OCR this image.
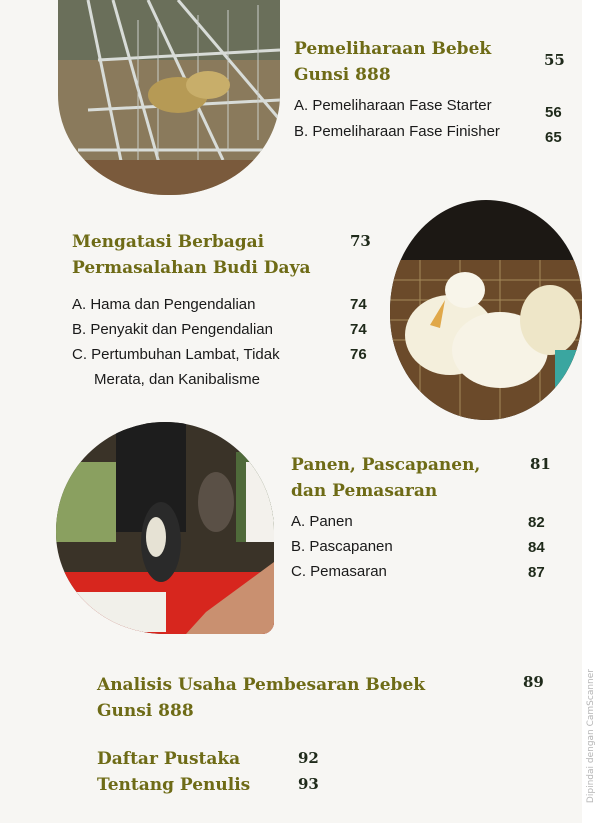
Pemeliharaan Bebek
Gunsi 888
55
A. Pemeliharaan Fase Starter	56
B. Pemeliharaan Fase Finisher	65
Mengatasi Berbagai
Permasalahan Budi Daya
73
A. Hama dan Pengendalian	74
B. Penyakit dan Pengendalian	74
C. Pertumbuhan Lambat, Tidak	76
Merata, dan Kanibalisme
Panen, Pascapanen,
dan Pemasaran
81
A. Panen	82
B. Pascapanen	84
C. Pemasaran	87
Analisis Usaha Pembesaran Bebek
Gunsi 888
89
Daftar Pustaka	92
Tentang Penulis	93	Dipindai dengan CamScanner
